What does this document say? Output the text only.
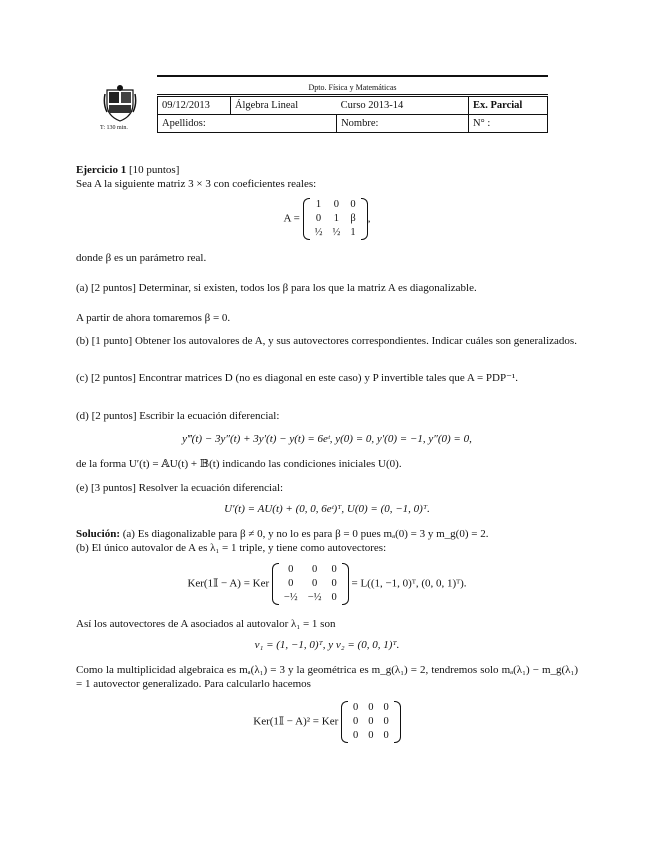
T: 130 min.
Dpto. Física y Matemáticas
09/12/2013	Álgebra Lineal	Curso 2013-14	Ex. Parcial
Apellidos:		Nombre:	N° :
Ejercicio 1 [10 puntos]
Sea A la siguiente matriz 3 × 3 con coeficientes reales:
A =
1	0	0
0	1	β
½	½	1
,
donde β es un parámetro real.
(a) [2 puntos] Determinar, si existen, todos los β para los que la matriz A es diagonalizable.
A partir de ahora tomaremos β = 0.
(b) [1 punto] Obtener los autovalores de A, y sus autovectores correspondientes. Indicar cuáles son generalizados.
(c) [2 puntos] Encontrar matrices D (no es diagonal en este caso) y P invertible tales que A = PDP⁻¹.
(d) [2 puntos] Escribir la ecuación diferencial:
y‴(t) − 3y″(t) + 3y′(t) − y(t) = 6eᵗ, y(0) = 0, y′(0) = −1, y″(0) = 0,
de la forma U′(t) = 𝔸U(t) + 𝔹(t) indicando las condiciones iniciales U(0).
(e) [3 puntos] Resolver la ecuación diferencial:
U′(t) = AU(t) + (0, 0, 6eᵗ)ᵀ, U(0) = (0, −1, 0)ᵀ.
Solución: (a) Es diagonalizable para β ≠ 0, y no lo es para β = 0 pues mₐ(0) = 3 y m_g(0) = 2.
(b) El único autovalor de A es λ₁ = 1 triple, y tiene como autovectores:
Ker(1𝕀 − A) = Ker
0	0	0
0	0	0
−½	−½	0
= L((1, −1, 0)ᵀ, (0, 0, 1)ᵀ).
Así los autovectores de A asociados al autovalor λ₁ = 1 son
v₁ = (1, −1, 0)ᵀ, y v₂ = (0, 0, 1)ᵀ.
Como la multiplicidad algebraica es mₐ(λ₁) = 3 y la geométrica es m_g(λ₁) = 2, tendremos solo mₐ(λ₁) − m_g(λ₁) = 1 autovector generalizado. Para calcularlo hacemos
Ker(1𝕀 − A)² = Ker
0	0	0
0	0	0
0	0	0
